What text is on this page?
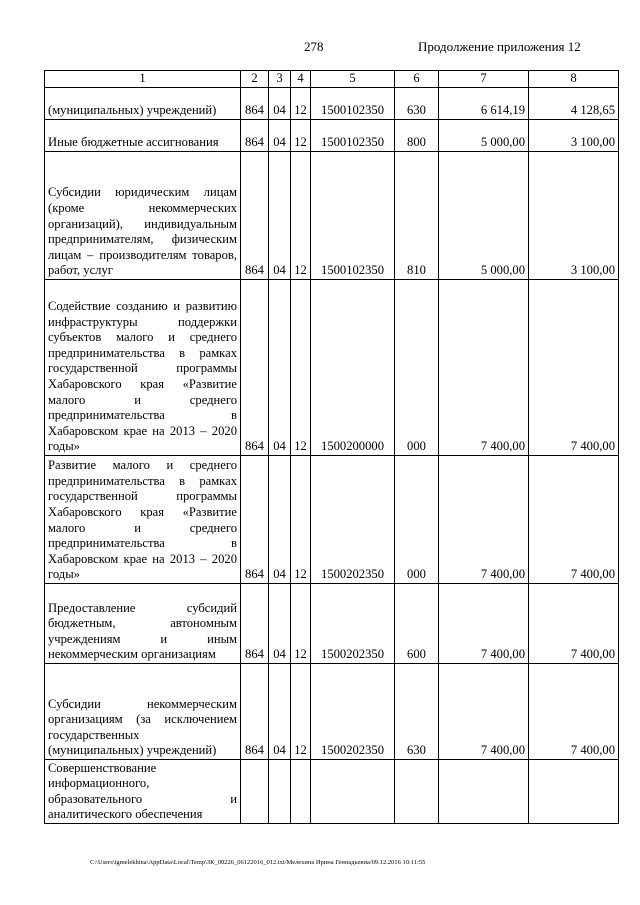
278	Продолжение приложения 12
1	2	3	4	5	6	7	8
(муниципальных) учреждений)	864	04	12	1500102350	630	6 614,19	4 128,65
Иные бюджетные ассигнования	864	04	12	1500102350	800	5 000,00	3 100,00
Субсидии юридическим лицам (кроме некоммерческих организаций), индивидуальным предпринимателям, физическим лицам – производителям товаров, работ, услуг	864	04	12	1500102350	810	5 000,00	3 100,00
Содействие созданию и развитию инфраструктуры поддержки субъектов малого и среднего предпринимательства в рамках государственной программы Хабаровского края «Развитие малого и среднего предпринимательства в Хабаровском крае на 2013 – 2020 годы»	864	04	12	1500200000	000	7 400,00	7 400,00
Развитие малого и среднего предпринимательства в рамках государственной программы Хабаровского края «Развитие малого и среднего предпринимательства в Хабаровском крае на 2013 – 2020 годы»	864	04	12	1500202350	000	7 400,00	7 400,00
Предоставление субсидий бюджетным, автономным учреждениям и иным некоммерческим организациям	864	04	12	1500202350	600	7 400,00	7 400,00
Субсидии некоммерческим организациям (за исключением государственных (муниципальных) учреждений)	864	04	12	1500202350	630	7 400,00	7 400,00
Совершенствование информационного, образовательного и аналитического обеспечения							
C:\Users\igmelekhina\AppData\Local\Temp\ЗК_00226_06122016_012.txt/Мелехина Ирина Геннадьевна/09.12.2016 10:11:55
